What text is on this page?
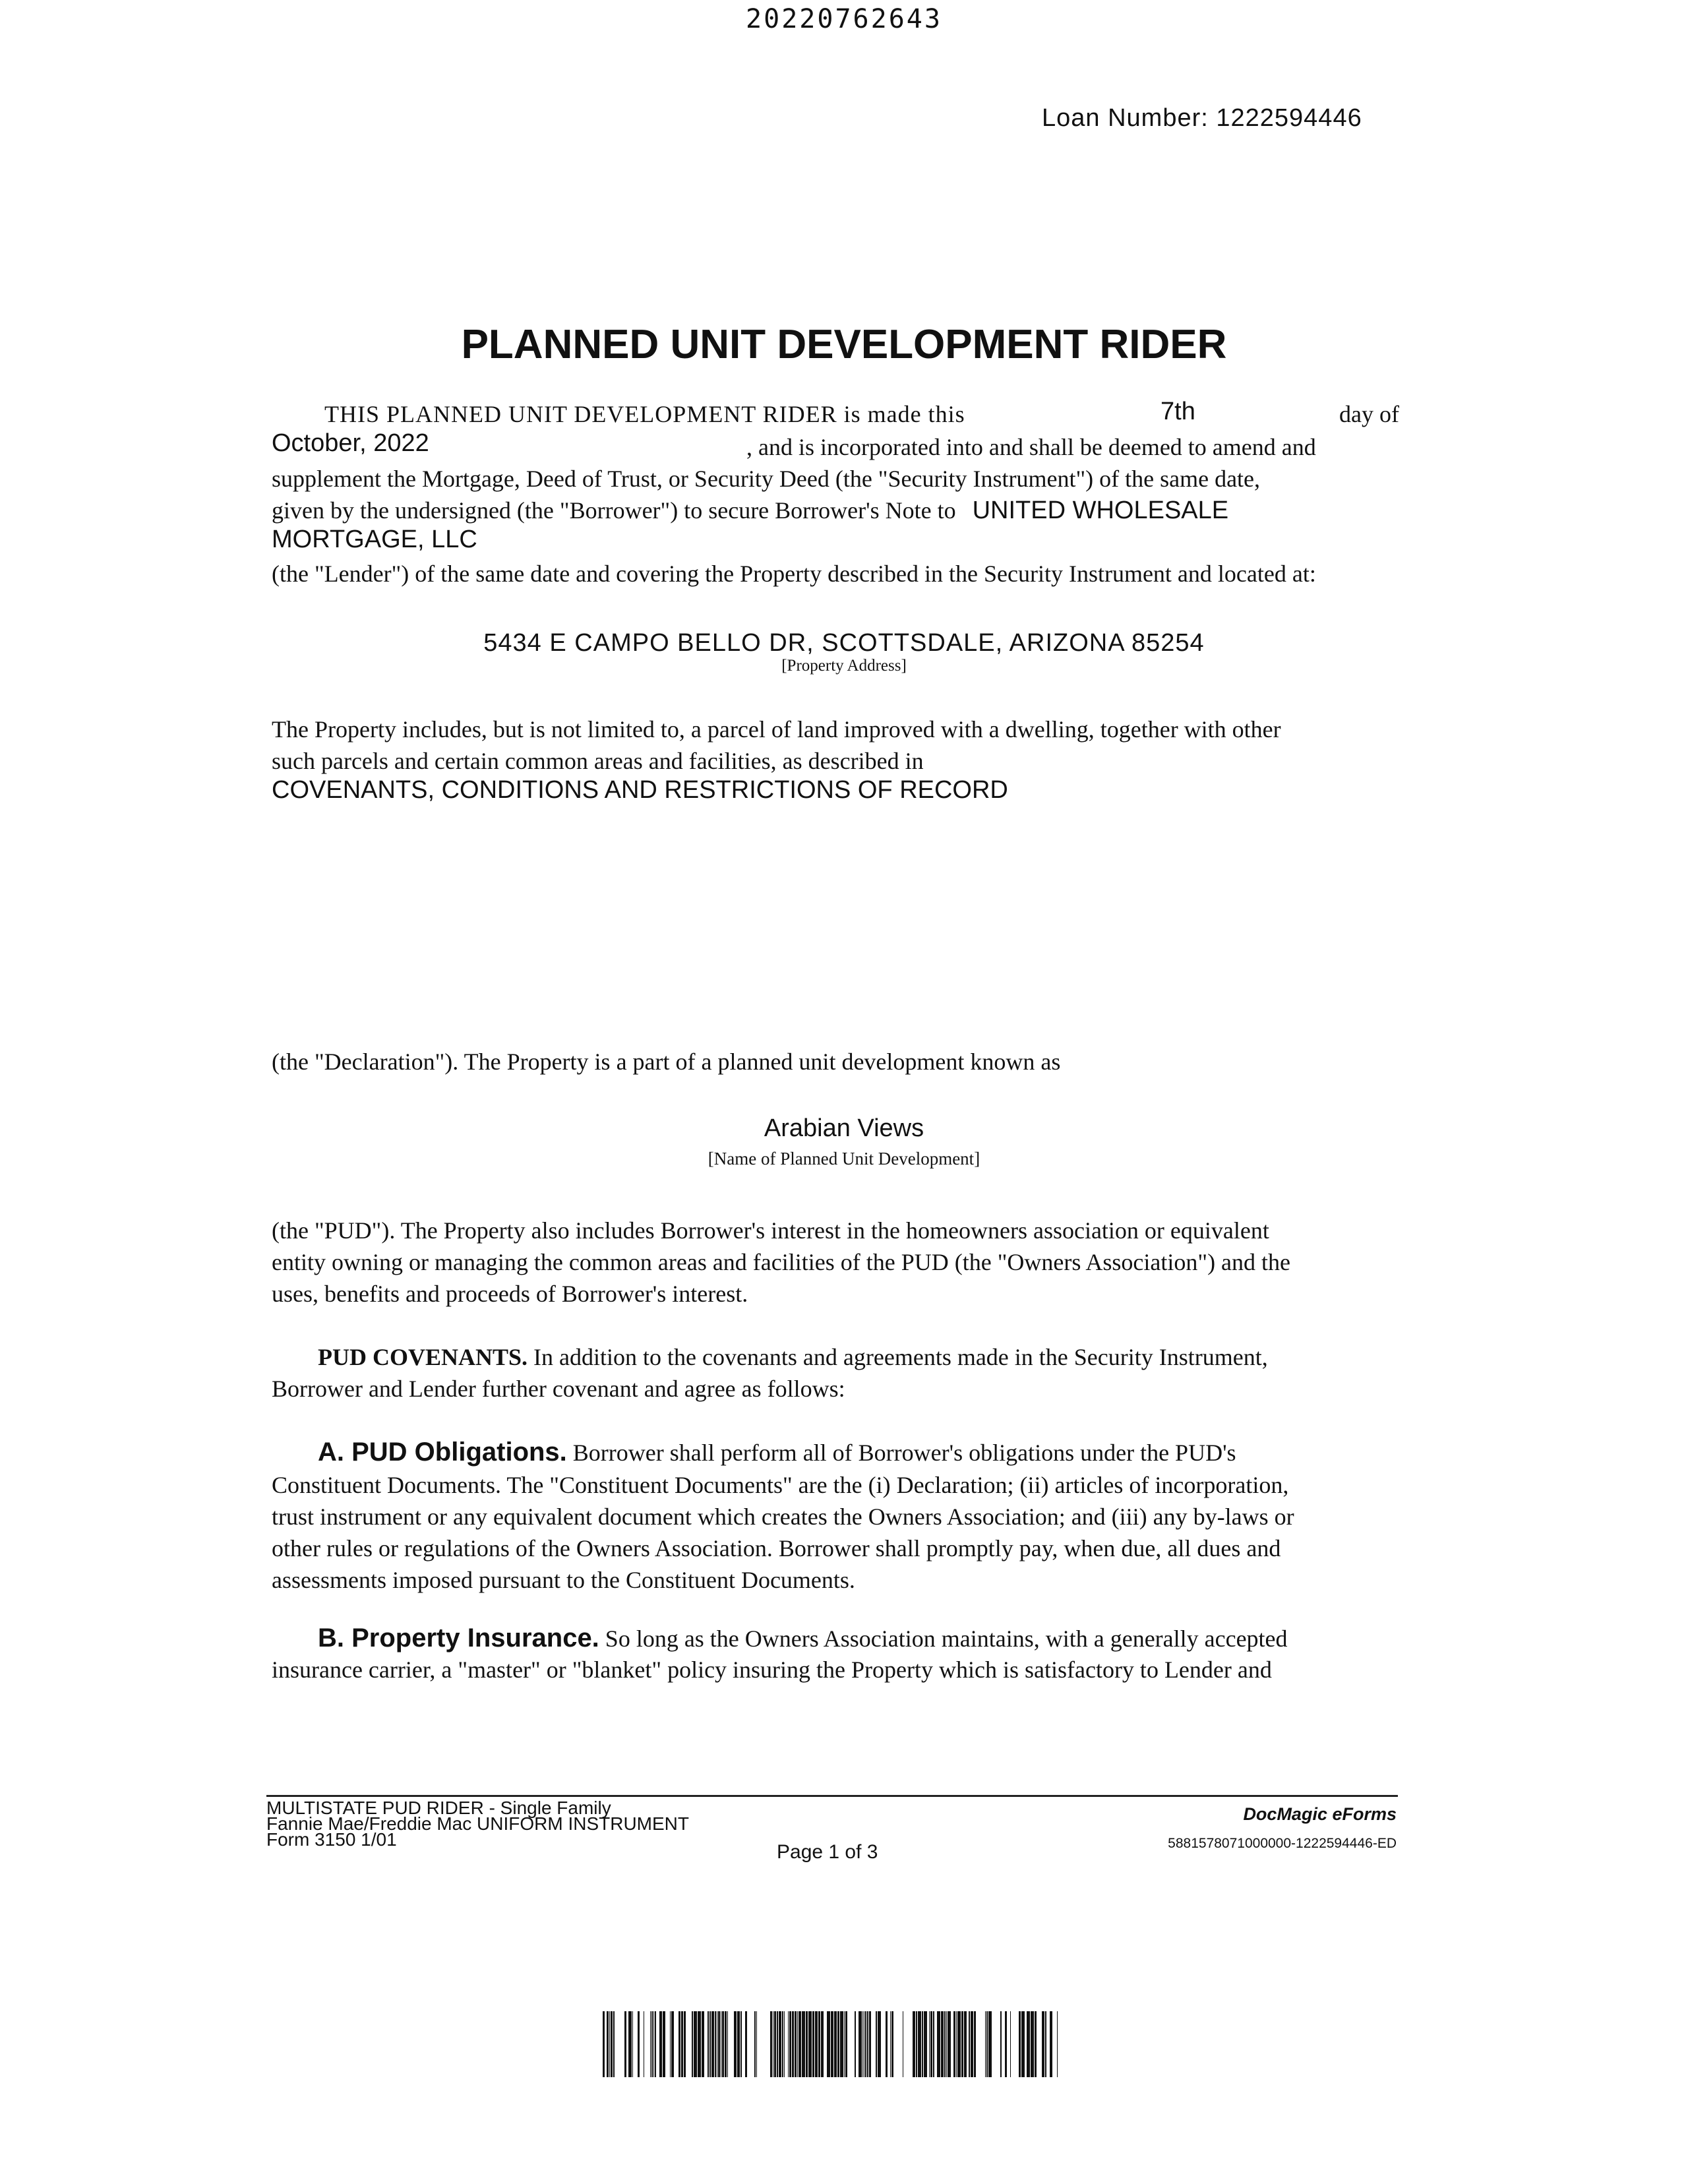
20220762643
Loan Number: 1222594446
PLANNED UNIT DEVELOPMENT RIDER
THIS PLANNED UNIT DEVELOPMENT RIDER is made this	7th	day of
October, 2022	, and is incorporated into and shall be deemed to amend and
supplement the Mortgage, Deed of Trust, or Security Deed (the "Security Instrument") of the same date,
given by the undersigned (the "Borrower") to secure Borrower's Note to UNITED WHOLESALE
MORTGAGE, LLC
(the "Lender") of the same date and covering the Property described in the Security Instrument and located at:
5434 E CAMPO BELLO DR, SCOTTSDALE, ARIZONA 85254
[Property Address]
The Property includes, but is not limited to, a parcel of land improved with a dwelling, together with other
such parcels and certain common areas and facilities, as described in
COVENANTS, CONDITIONS AND RESTRICTIONS OF RECORD
(the "Declaration"). The Property is a part of a planned unit development known as
Arabian Views
[Name of Planned Unit Development]
(the "PUD"). The Property also includes Borrower's interest in the homeowners association or equivalent
entity owning or managing the common areas and facilities of the PUD (the "Owners Association") and the
uses, benefits and proceeds of Borrower's interest.
PUD COVENANTS. In addition to the covenants and agreements made in the Security Instrument,
Borrower and Lender further covenant and agree as follows:
A. PUD Obligations. Borrower shall perform all of Borrower's obligations under the PUD's
Constituent Documents. The "Constituent Documents" are the (i) Declaration; (ii) articles of incorporation,
trust instrument or any equivalent document which creates the Owners Association; and (iii) any by-laws or
other rules or regulations of the Owners Association. Borrower shall promptly pay, when due, all dues and
assessments imposed pursuant to the Constituent Documents.
B. Property Insurance. So long as the Owners Association maintains, with a generally accepted
insurance carrier, a "master" or "blanket" policy insuring the Property which is satisfactory to Lender and
MULTISTATE PUD RIDER - Single Family
Fannie Mae/Freddie Mac UNIFORM INSTRUMENT
Form 3150 1/01
Page 1 of 3
DocMagic eForms
5881578071000000-1222594446-ED
